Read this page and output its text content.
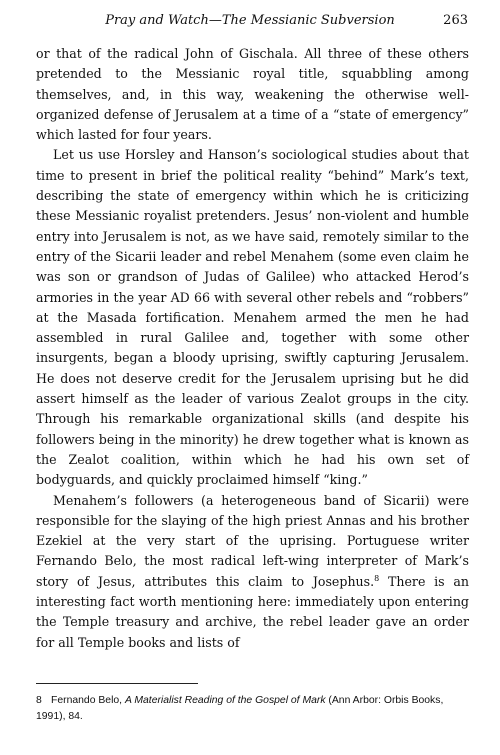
Pray and Watch—The Messianic Subversion	263

or that of the radical John of Gischala. All three of these others pretended to the Messianic royal title, squabbling among themselves, and, in this way, weakening the otherwise well-organized defense of Jerusalem at a time of a “state of emergency” which lasted for four years.

Let us use Horsley and Hanson’s sociological studies about that time to present in brief the political reality “behind” Mark’s text, describing the state of emergency within which he is criticizing these Messianic royalist pretenders. Jesus’ non-violent and humble entry into Jerusalem is not, as we have said, remotely similar to the entry of the Sicarii leader and rebel Menahem (some even claim he was son or grandson of Judas of Galilee) who attacked Herod’s armories in the year AD 66 with several other rebels and “robbers” at the Masada fortification. Menahem armed the men he had assembled in rural Galilee and, together with some other insurgents, began a bloody uprising, swiftly capturing Jerusalem. He does not deserve credit for the Jerusalem uprising but he did assert himself as the leader of various Zealot groups in the city. Through his remarkable organizational skills (and despite his followers being in the minority) he drew together what is known as the Zealot coalition, within which he had his own set of bodyguards, and quickly proclaimed himself “king.”

Menahem’s followers (a heterogeneous band of Sicarii) were responsible for the slaying of the high priest Annas and his brother Ezekiel at the very start of the uprising. Portuguese writer Fernando Belo, the most radical left-wing interpreter of Mark’s story of Jesus, attributes this claim to Josephus.$^8$ There is an interesting fact worth mentioning here: immediately upon entering the Temple treasury and archive, the rebel leader gave an order for all Temple books and lists of

8 Fernando Belo, A Materialist Reading of the Gospel of Mark (Ann Arbor: Orbis Books, 1991), 84.
